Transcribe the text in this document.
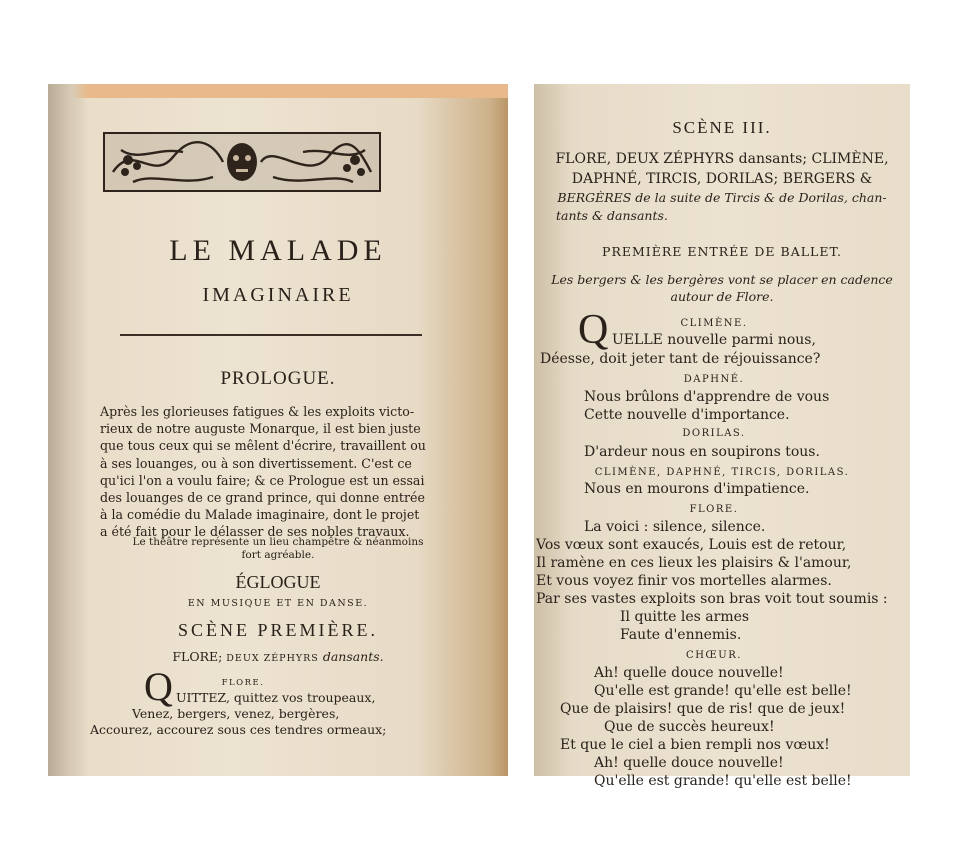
LE MALADE
IMAGINAIRE
PROLOGUE.
Après les glorieuses fatigues & les exploits victo-
rieux de notre auguste Monarque, il est bien juste
que tous ceux qui se mêlent d'écrire, travaillent ou
à ses louanges, ou à son divertissement. C'est ce
qu'ici l'on a voulu faire; & ce Prologue est un essai
des louanges de ce grand prince, qui donne entrée
à la comédie du Malade imaginaire, dont le projet
a été fait pour le délasser de ses nobles travaux.
Le théâtre représente un lieu champêtre & néanmoins
fort agréable.
ÉGLOGUE
EN MUSIQUE ET EN DANSE.
SCÈNE PREMIÈRE.
FLORE; DEUX ZÉPHYRS dansants.
FLORE.
Q UITTEZ, quittez vos troupeaux,
Venez, bergers, venez, bergères,
Accourez, accourez sous ces tendres ormeaux;
SCÈNE III.
FLORE, DEUX ZÉPHYRS dansants; CLIMÈNE,
DAPHNÉ, TIRCIS, DORILAS; BERGERS &
BERGÈRES de la suite de Tircis & de Dorilas, chan-
tants & dansants.
PREMIÈRE ENTRÉE DE BALLET.
Les bergers & les bergères vont se placer en cadence
autour de Flore.
CLIMÈNE.
Q UELLE nouvelle parmi nous,
Déesse, doit jeter tant de réjouissance?
DAPHNÉ.
Nous brûlons d'apprendre de vous
Cette nouvelle d'importance.
DORILAS.
D'ardeur nous en soupirons tous.
CLIMÈNE, DAPHNÉ, TIRCIS, DORILAS.
Nous en mourons d'impatience.
FLORE.
La voici : silence, silence.
Vos vœux sont exaucés, Louis est de retour,
Il ramène en ces lieux les plaisirs & l'amour,
Et vous voyez finir vos mortelles alarmes.
Par ses vastes exploits son bras voit tout soumis :
Il quitte les armes
Faute d'ennemis.
CHŒUR.
Ah! quelle douce nouvelle!
Qu'elle est grande! qu'elle est belle!
Que de plaisirs! que de ris! que de jeux!
Que de succès heureux!
Et que le ciel a bien rempli nos vœux!
Ah! quelle douce nouvelle!
Qu'elle est grande! qu'elle est belle!
